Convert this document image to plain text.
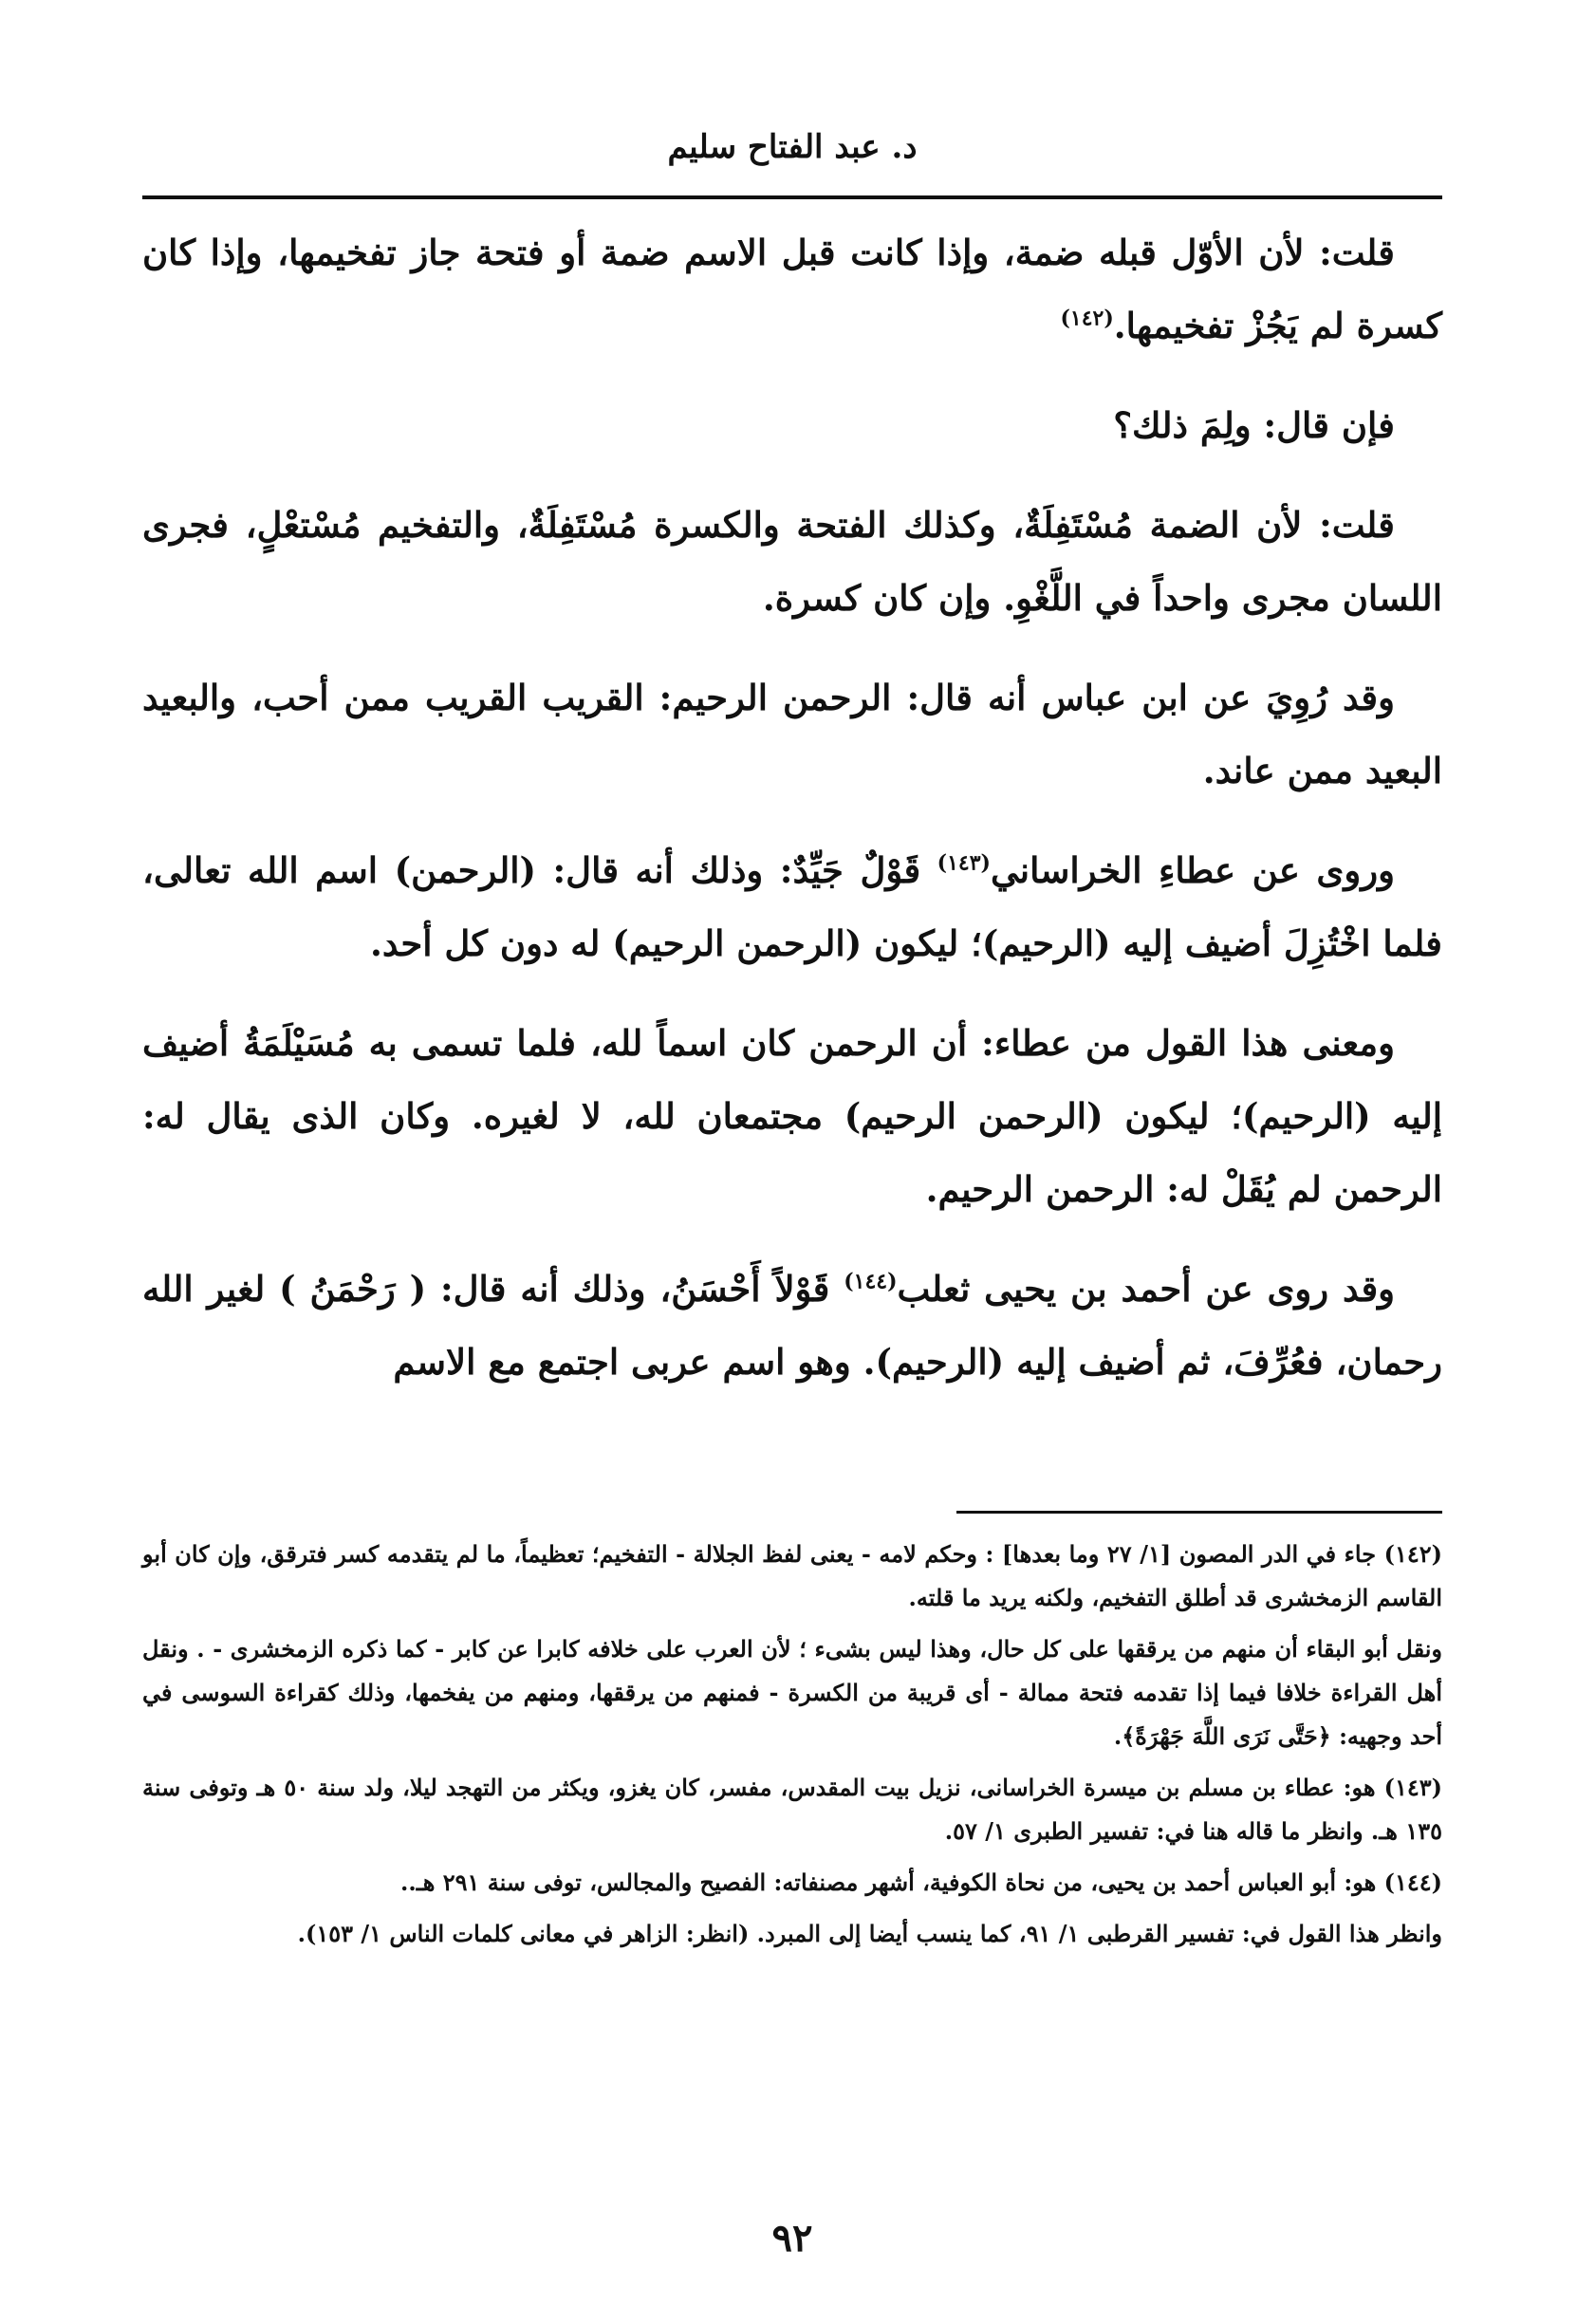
د. عبد الفتاح سليم

قلت: لأن الأوّل قبله ضمة، وإذا كانت قبل الاسم ضمة أو فتحة جاز تفخيمها، وإذا كان كسرة لم يَجُزْ تفخيمها.$^{(١٤٢)}$

فإن قال: ولِمَ ذلك؟

قلت: لأن الضمة مُسْتَفِلَةٌ، وكذلك الفتحة والكسرة مُسْتَفِلَةٌ، والتفخيم مُسْتعْلٍ، فجرى اللسان مجرى واحداً في اللَّغْوِ. وإن كان كسرة.

وقد رُوِيَ عن ابن عباس أنه قال: الرحمن الرحيم: القريب القريب ممن أحب، والبعيد البعيد ممن عاند.

وروى عن عطاءِ الخراساني$^{(١٤٣)}$ قَوْلٌ جَيِّدٌ: وذلك أنه قال: (الرحمن) اسم الله تعالى، فلما اخْتُزِلَ أضيف إليه (الرحيم)؛ ليكون (الرحمن الرحيم) له دون كل أحد.

ومعنى هذا القول من عطاء: أن الرحمن كان اسماً لله، فلما تسمى به مُسَيْلَمَةُ أضيف إليه (الرحيم)؛ ليكون (الرحمن الرحيم) مجتمعان لله، لا لغيره. وكان الذى يقال له: الرحمن لم يُقَلْ له: الرحمن الرحيم.

وقد روى عن أحمد بن يحيى ثعلب$^{(١٤٤)}$ قَوْلاً أَحْسَنُ، وذلك أنه قال: ( رَحْمَنُ ) لغير الله رحمان، فعُرِّفَ، ثم أضيف إليه (الرحيم). وهو اسم عربى اجتمع مع الاسم

(١٤٢) جاء في الدر المصون [١/ ٢٧ وما بعدها] : وحكم لامه - يعنى لفظ الجلالة - التفخيم؛ تعظيماً، ما لم يتقدمه كسر فترقق، وإن كان أبو القاسم الزمخشرى قد أطلق التفخيم، ولكنه يريد ما قلته.

ونقل أبو البقاء أن منهم من يرققها على كل حال، وهذا ليس بشىء ؛ لأن العرب على خلافه كابرا عن كابر - كما ذكره الزمخشرى - . ونقل أهل القراءة خلافا فيما إذا تقدمه فتحة ممالة - أى قريبة من الكسرة - فمنهم من يرققها، ومنهم من يفخمها، وذلك كقراءة السوسى في أحد وجهيه: ﴿حَتَّى نَرَى اللَّهَ جَهْرَةً﴾.

(١٤٣) هو: عطاء بن مسلم بن ميسرة الخراسانى، نزيل بيت المقدس، مفسر، كان يغزو، ويكثر من التهجد ليلا، ولد سنة ٥٠ هـ وتوفى سنة ١٣٥ هـ. وانظر ما قاله هنا في: تفسير الطبرى ١/ ٥٧.

(١٤٤) هو: أبو العباس أحمد بن يحيى، من نحاة الكوفية، أشهر مصنفاته: الفصيح والمجالس، توفى سنة ٢٩١ هـ..

وانظر هذا القول في: تفسير القرطبى ١/ ٩١، كما ينسب أيضا إلى المبرد. (انظر: الزاهر في معانى كلمات الناس ١/ ١٥٣).

٩٢
